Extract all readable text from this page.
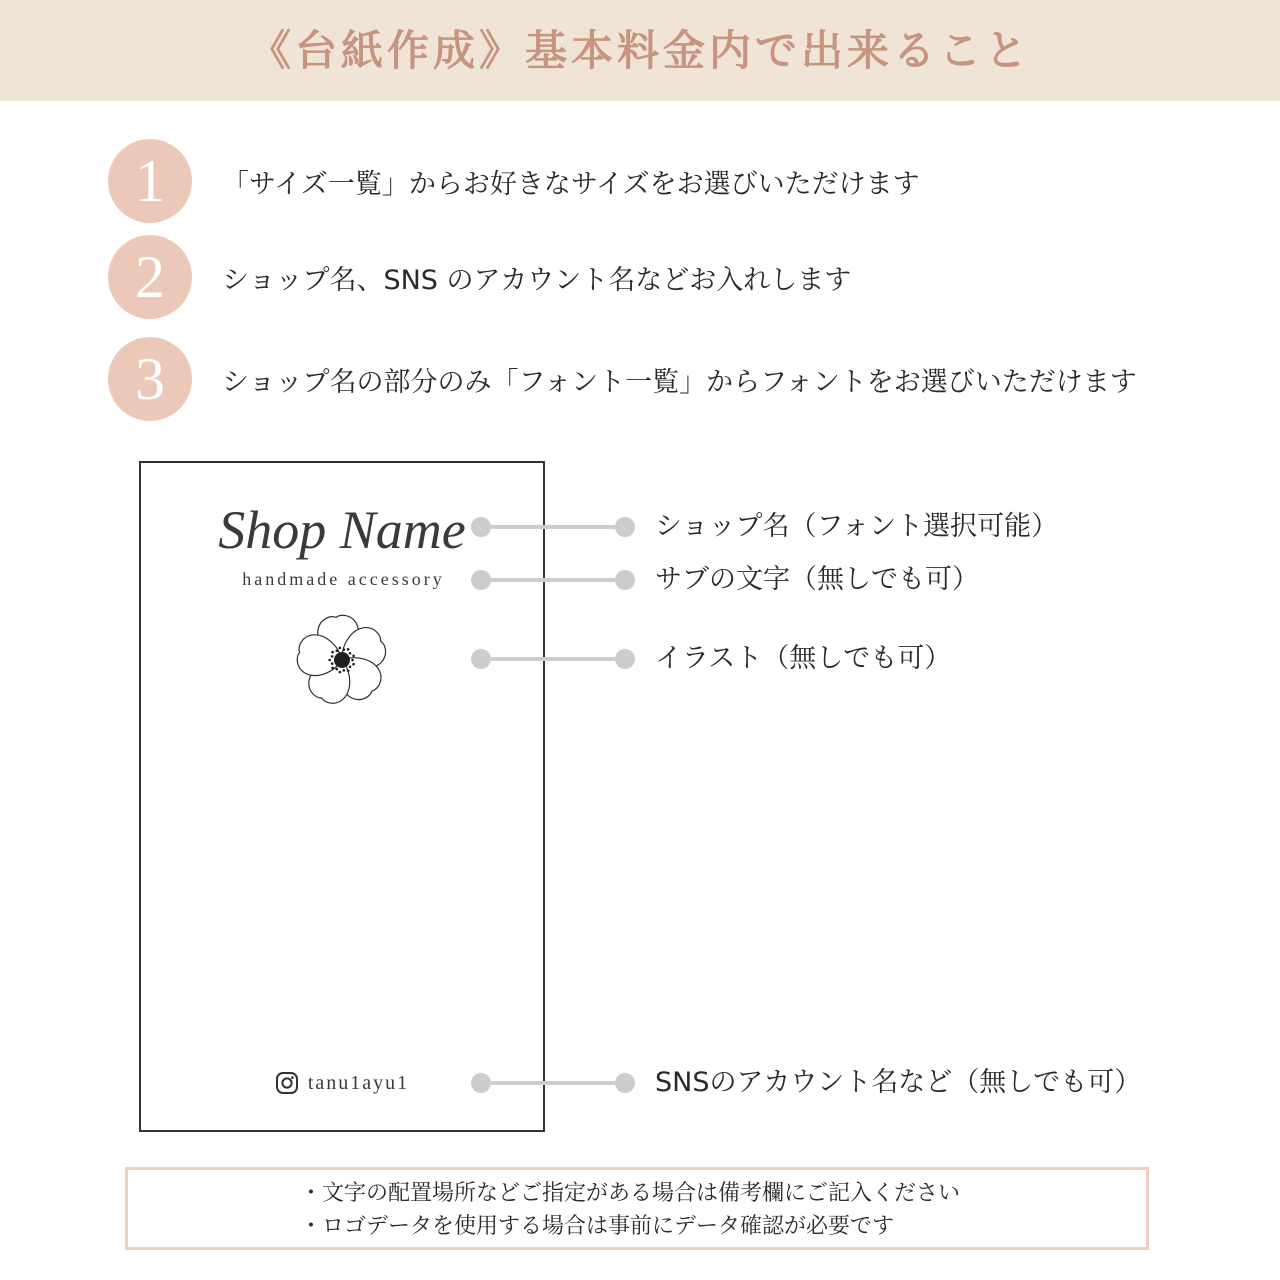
《台紙作成》基本料金内で出来ること
1 「サイズ一覧」からお好きなサイズをお選びいただけます
2 ショップ名、SNS のアカウント名などお入れします
3 ショップ名の部分のみ「フォント一覧」からフォントをお選びいただけます
Shop Name
handmade accessory
tanu1ayu1
ショップ名（フォント選択可能）
サブの文字（無しでも可）
イラスト（無しでも可）
SNSのアカウント名など（無しでも可）
・文字の配置場所などご指定がある場合は備考欄にご記入ください
・ロゴデータを使用する場合は事前にデータ確認が必要です
